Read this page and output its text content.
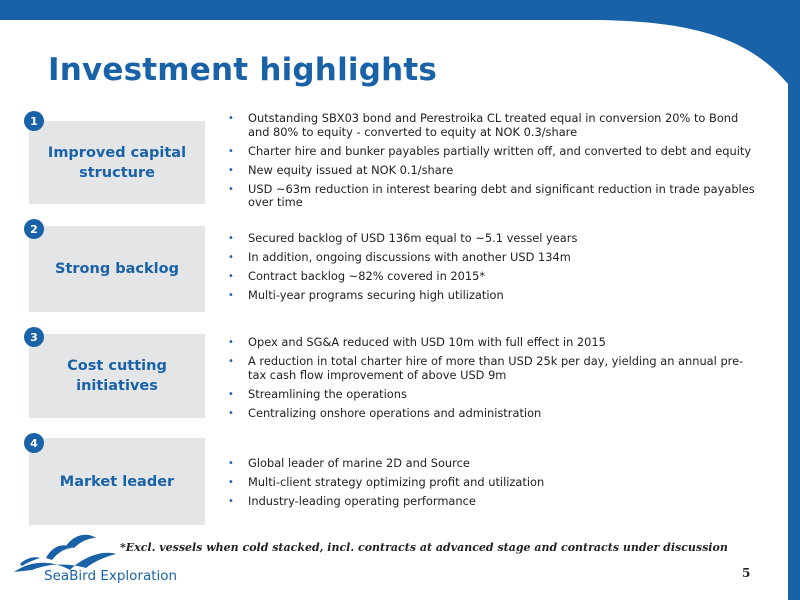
Investment highlights
Improved capital structure
1	• Outstanding SBX03 bond and Perestroika CL treated equal in conversion 20% to Bond and 80% to equity - converted to equity at NOK 0.3/share
• Charter hire and bunker payables partially written off, and converted to debt and equity
• New equity issued at NOK 0.1/share
• USD ~63m reduction in interest bearing debt and significant reduction in trade payables over time
Strong backlog
2
• Secured backlog of USD 136m equal to ~5.1 vessel years
• In addition, ongoing discussions with another USD 134m
• Contract backlog ~82% covered in 2015*
• Multi-year programs securing high utilization
Cost cutting initiatives
3	• Opex and SG&A reduced with USD 10m with full effect in 2015
• A reduction in total charter hire of more than USD 25k per day, yielding an annual pre-tax cash flow improvement of above USD 9m
• Streamlining the operations
• Centralizing onshore operations and administration
Market leader
4
• Global leader of marine 2D and Source
• Multi-client strategy optimizing profit and utilization
• Industry-leading operating performance
*Excl. vessels when cold stacked, incl. contracts at advanced stage and contracts under discussion
SeaBird Exploration	5
